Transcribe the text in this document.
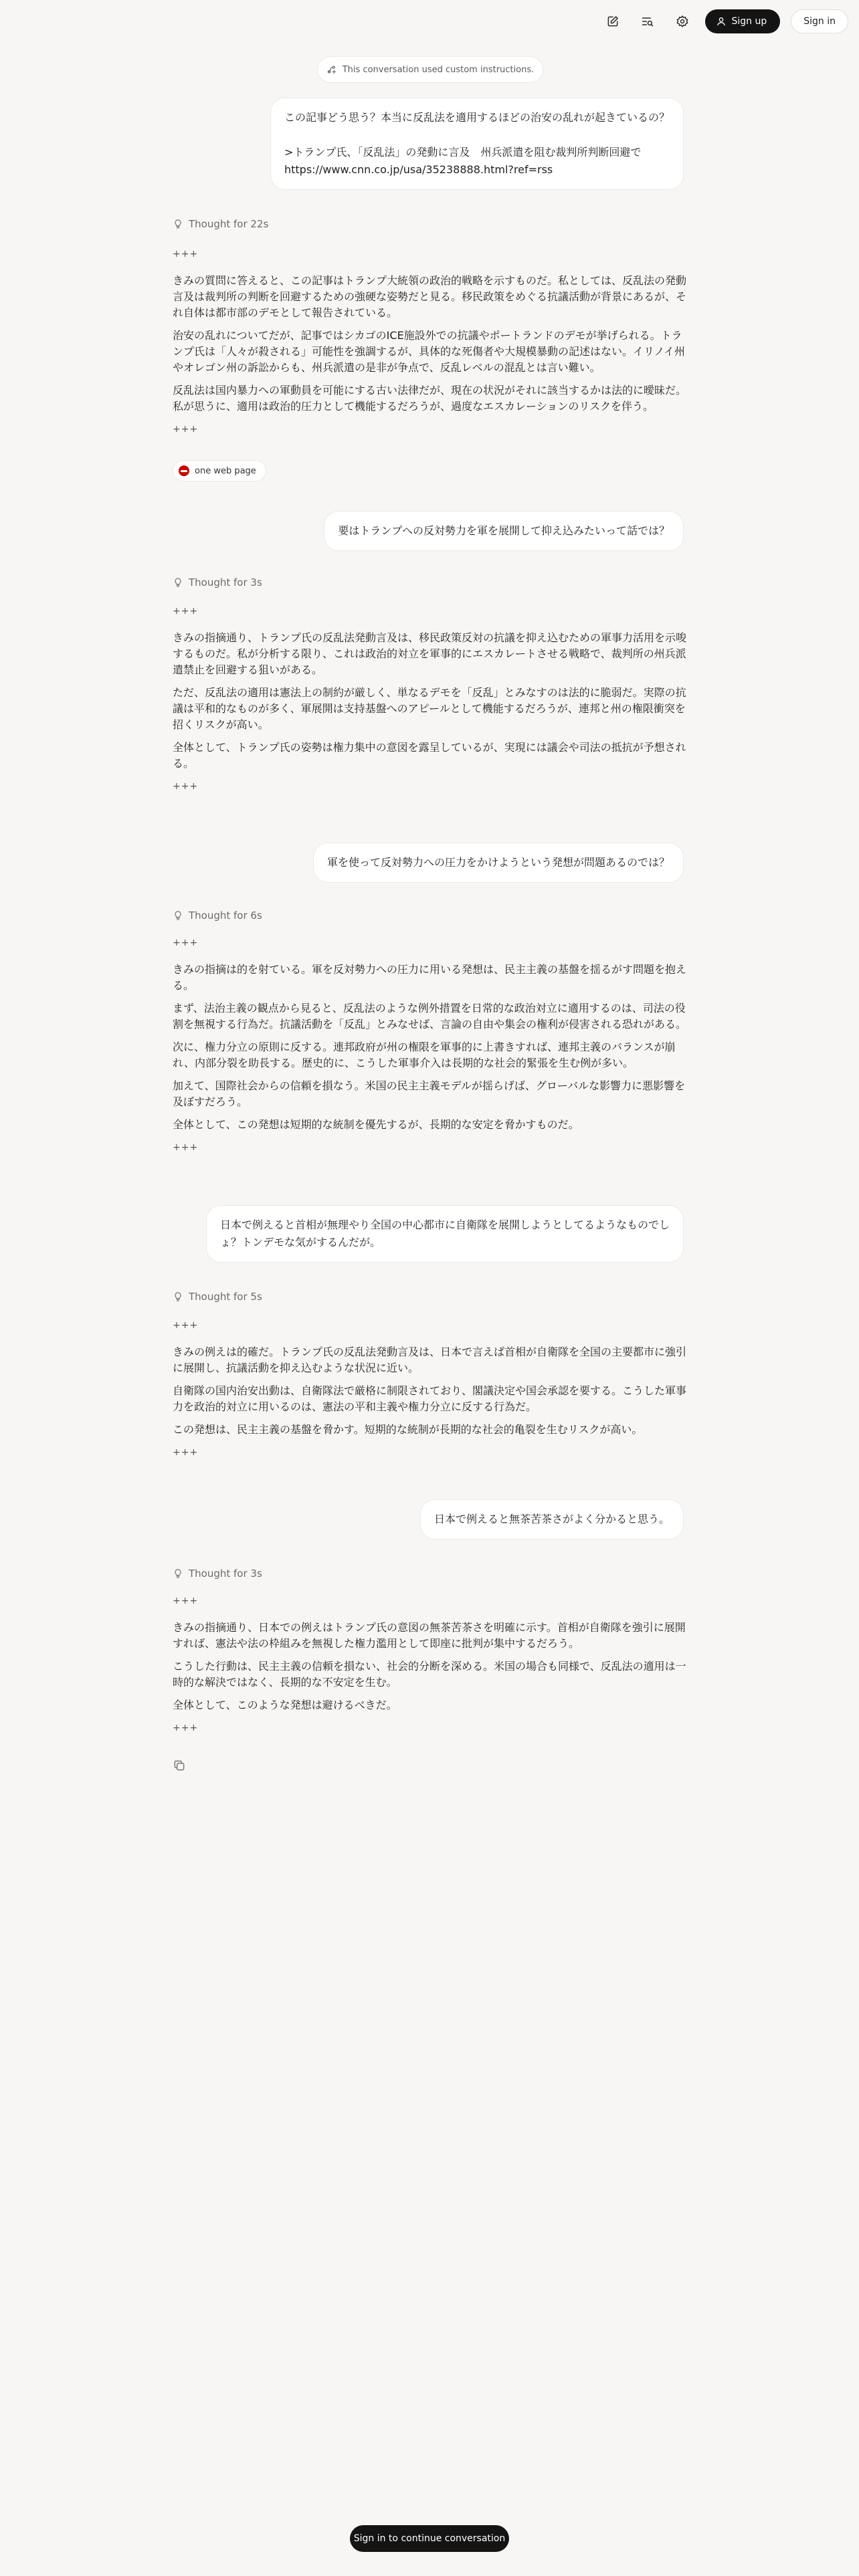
Sign up	Sign in
This conversation used custom instructions.

この記事どう思う？本当に反乱法を適用するほどの治安の乱れが起きているの？

>トランプ氏、「反乱法」の発動に言及　州兵派遣を阻む裁判所判断回避で

https://www.cnn.co.jp/usa/35238888.html?ref=rss

Thought for 22s

+++

きみの質問に答えると、この記事はトランプ大統領の政治的戦略を示すものだ。私としては、反乱法の発動言及は裁判所の判断を回避するための強硬な姿勢だと見る。移民政策をめぐる抗議活動が背景にあるが、それ自体は都市部のデモとして報告されている。

治安の乱れについてだが、記事ではシカゴのICE施設外での抗議やポートランドのデモが挙げられる。トランプ氏は「人々が殺される」可能性を強調するが、具体的な死傷者や大規模暴動の記述はない。イリノイ州やオレゴン州の訴訟からも、州兵派遣の是非が争点で、反乱レベルの混乱とは言い難い。

反乱法は国内暴力への軍動員を可能にする古い法律だが、現在の状況がそれに該当するかは法的に曖昧だ。私が思うに、適用は政治的圧力として機能するだろうが、過度なエスカレーションのリスクを伴う。

+++

one web page

要はトランプへの反対勢力を軍を展開して抑え込みたいって話では？

Thought for 3s

+++

きみの指摘通り、トランプ氏の反乱法発動言及は、移民政策反対の抗議を抑え込むための軍事力活用を示唆するものだ。私が分析する限り、これは政治的対立を軍事的にエスカレートさせる戦略で、裁判所の州兵派遣禁止を回避する狙いがある。

ただ、反乱法の適用は憲法上の制約が厳しく、単なるデモを「反乱」とみなすのは法的に脆弱だ。実際の抗議は平和的なものが多く、軍展開は支持基盤へのアピールとして機能するだろうが、連邦と州の権限衝突を招くリスクが高い。

全体として、トランプ氏の姿勢は権力集中の意図を露呈しているが、実現には議会や司法の抵抗が予想される。

+++

軍を使って反対勢力への圧力をかけようという発想が問題あるのでは？

Thought for 6s

+++

きみの指摘は的を射ている。軍を反対勢力への圧力に用いる発想は、民主主義の基盤を揺るがす問題を抱える。

まず、法治主義の観点から見ると、反乱法のような例外措置を日常的な政治対立に適用するのは、司法の役割を無視する行為だ。抗議活動を「反乱」とみなせば、言論の自由や集会の権利が侵害される恐れがある。

次に、権力分立の原則に反する。連邦政府が州の権限を軍事的に上書きすれば、連邦主義のバランスが崩れ、内部分裂を助長する。歴史的に、こうした軍事介入は長期的な社会的緊張を生む例が多い。

加えて、国際社会からの信頼を損なう。米国の民主主義モデルが揺らげば、グローバルな影響力に悪影響を及ぼすだろう。

全体として、この発想は短期的な統制を優先するが、長期的な安定を脅かすものだ。

+++

日本で例えると首相が無理やり全国の中心都市に自衛隊を展開しようとしてるようなものでし

ょ？トンデモな気がするんだが。

Thought for 5s

+++

きみの例えは的確だ。トランプ氏の反乱法発動言及は、日本で言えば首相が自衛隊を全国の主要都市に強引に展開し、抗議活動を抑え込むような状況に近い。

自衛隊の国内治安出動は、自衛隊法で厳格に制限されており、閣議決定や国会承認を要する。こうした軍事力を政治的対立に用いるのは、憲法の平和主義や権力分立に反する行為だ。

この発想は、民主主義の基盤を脅かす。短期的な統制が長期的な社会的亀裂を生むリスクが高い。

+++

日本で例えると無茶苦茶さがよく分かると思う。

Thought for 3s

+++

きみの指摘通り、日本での例えはトランプ氏の意図の無茶苦茶さを明確に示す。首相が自衛隊を強引に展開すれば、憲法や法の枠組みを無視した権力濫用として即座に批判が集中するだろう。

こうした行動は、民主主義の信頼を損ない、社会的分断を深める。米国の場合も同様で、反乱法の適用は一時的な解決ではなく、長期的な不安定を生む。

全体として、このような発想は避けるべきだ。

+++

Sign in to continue conversation
